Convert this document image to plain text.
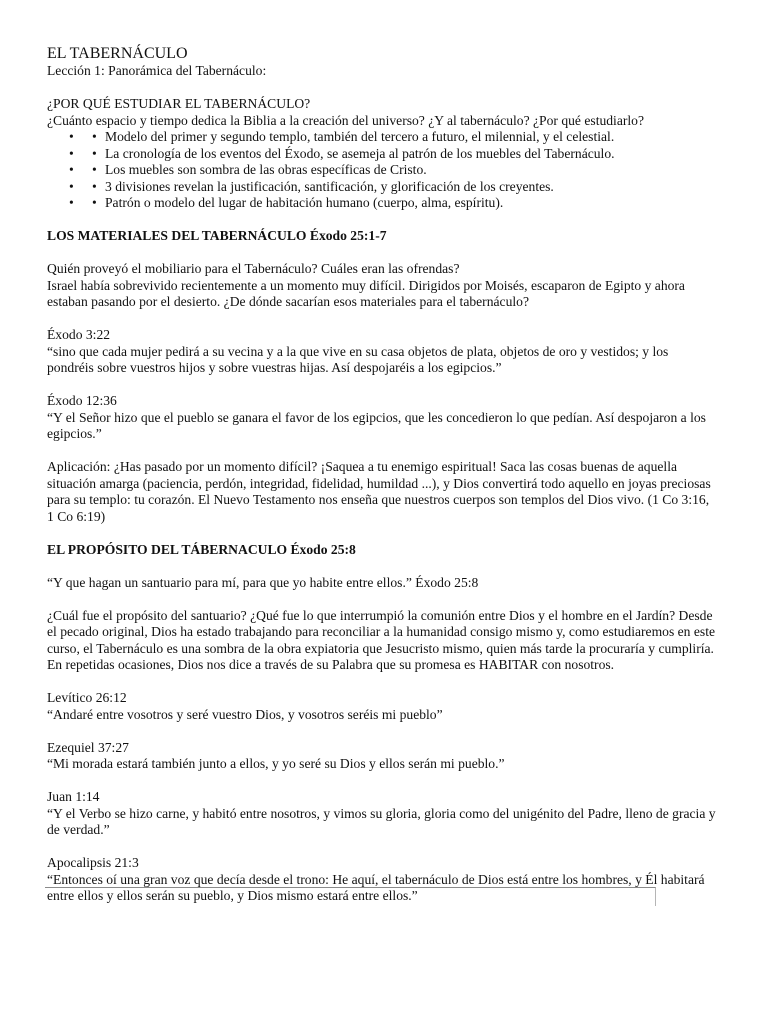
EL TABERNÁCULO

Lección 1: Panorámica del Tabernáculo:

¿POR QUÉ ESTUDIAR EL TABERNÁCULO?

¿Cuánto espacio y tiempo dedica la Biblia a la creación del universo? ¿Y al tabernáculo? ¿Por qué estudiarlo?

• • Modelo del primer y segundo templo, también del tercero a futuro, el milennial, y el celestial.
• • La cronología de los eventos del Éxodo, se asemeja al patrón de los muebles del Tabernáculo.
• • Los muebles son sombra de las obras específicas de Cristo.
• • 3 divisiones revelan la justificación, santificación, y glorificación de los creyentes.
• • Patrón o modelo del lugar de habitación humano (cuerpo, alma, espíritu).

LOS MATERIALES DEL TABERNÁCULO Éxodo 25:1-7

Quién proveyó el mobiliario para el Tabernáculo? Cuáles eran las ofrendas?

Israel había sobrevivido recientemente a un momento muy difícil. Dirigidos por Moisés, escaparon de Egipto y ahora estaban pasando por el desierto. ¿De dónde sacarían esos materiales para el tabernáculo?

Éxodo 3:22

“sino que cada mujer pedirá a su vecina y a la que vive en su casa objetos de plata, objetos de oro y vestidos; y los pondréis sobre vuestros hijos y sobre vuestras hijas. Así despojaréis a los egipcios.”

Éxodo 12:36

“Y el Señor hizo que el pueblo se ganara el favor de los egipcios, que les concedieron lo que pedían. Así despojaron a los egipcios.”

Aplicación: ¿Has pasado por un momento difícil? ¡Saquea a tu enemigo espiritual! Saca las cosas buenas de aquella situación amarga (paciencia, perdón, integridad, fidelidad, humildad ...), y Dios convertirá todo aquello en joyas preciosas para su templo: tu corazón. El Nuevo Testamento nos enseña que nuestros cuerpos son templos del Dios vivo. (1 Co 3:16, 1 Co 6:19)

EL PROPÓSITO DEL TÁBERNACULO Éxodo 25:8

“Y que hagan un santuario para mí, para que yo habite entre ellos.” Éxodo 25:8

¿Cuál fue el propósito del santuario? ¿Qué fue lo que interrumpió la comunión entre Dios y el hombre en el Jardín? Desde el pecado original, Dios ha estado trabajando para reconciliar a la humanidad consigo mismo y, como estudiaremos en este curso, el Tabernáculo es una sombra de la obra expiatoria que Jesucristo mismo, quien más tarde la procuraría y cumpliría. En repetidas ocasiones, Dios nos dice a través de su Palabra que su promesa es HABITAR con nosotros.

Levítico 26:12

“Andaré entre vosotros y seré vuestro Dios, y vosotros seréis mi pueblo”

Ezequiel 37:27

“Mi morada estará también junto a ellos, y yo seré su Dios y ellos serán mi pueblo.”

Juan 1:14

“Y el Verbo se hizo carne, y habitó entre nosotros, y vimos su gloria, gloria como del unigénito del Padre, lleno de gracia y de verdad.”

Apocalipsis 21:3

“Entonces oí una gran voz que decía desde el trono: He aquí, el tabernáculo de Dios está entre los hombres, y Él habitará entre ellos y ellos serán su pueblo, y Dios mismo estará entre ellos.”
